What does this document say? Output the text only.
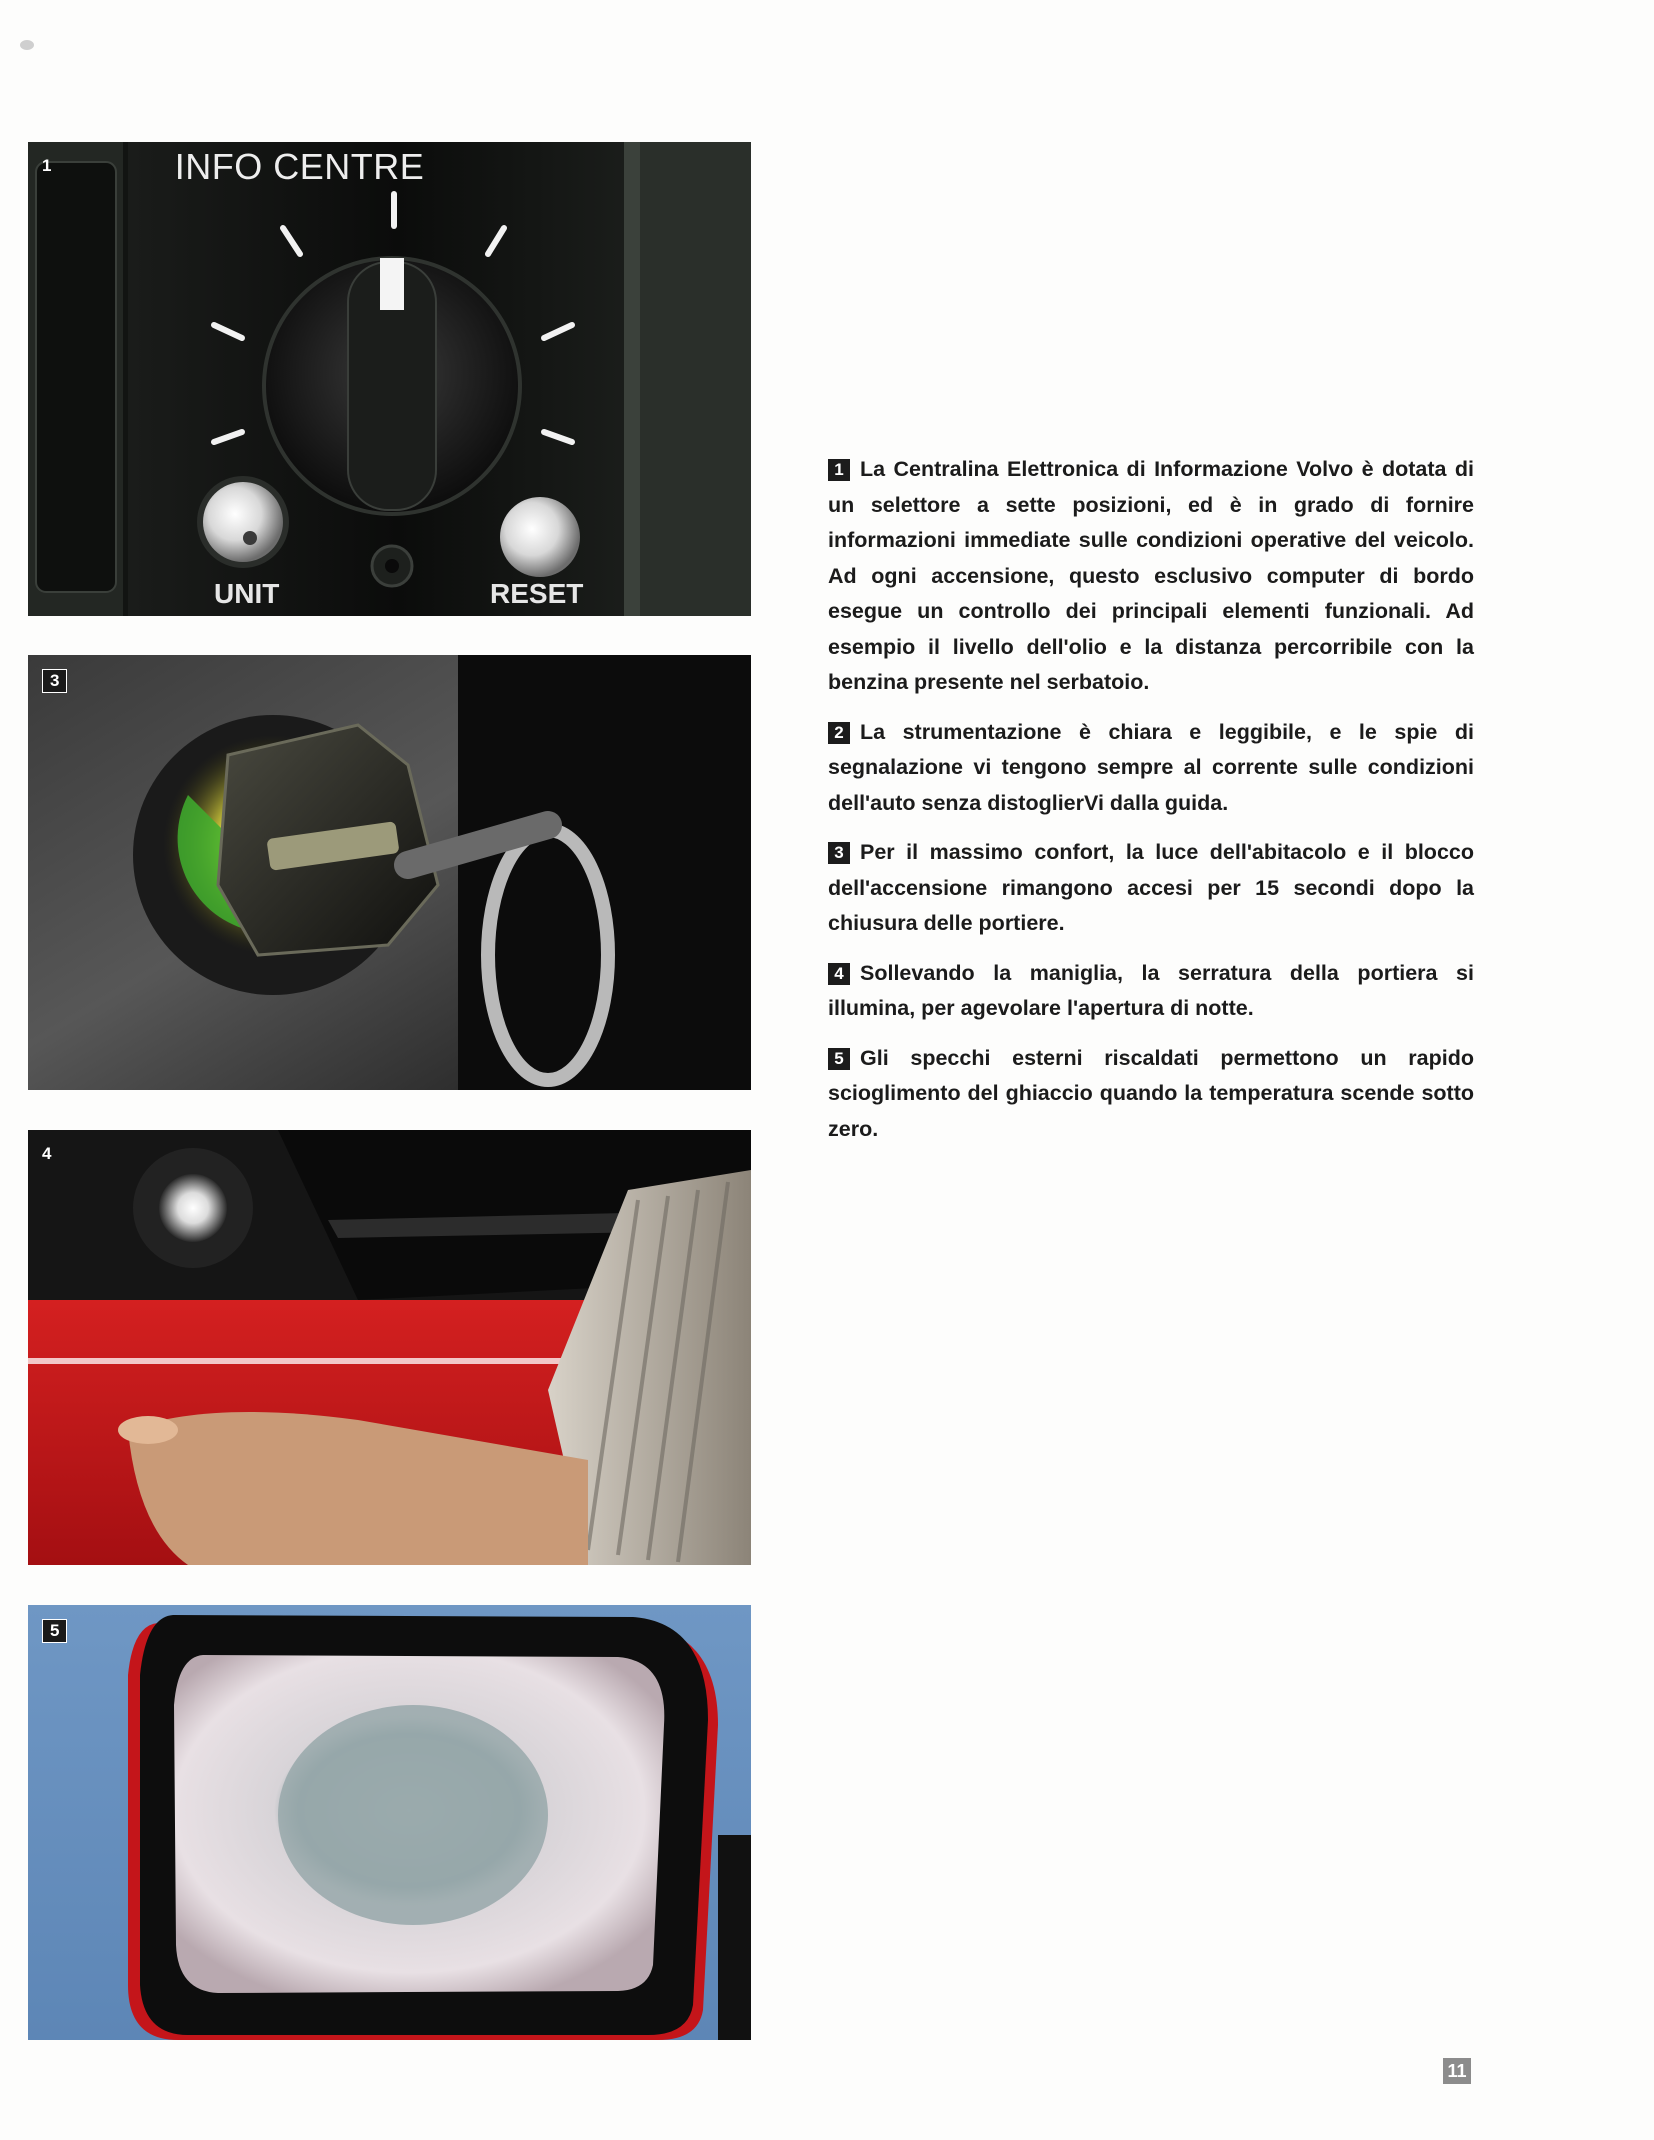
1	INFO CENTRE
UNIT	RESET
3
4
5

1 La Centralina Elettronica di Informazione Volvo è dotata di un selettore a sette posizioni, ed è in grado di fornire informazioni immediate sulle condizioni operative del veicolo. Ad ogni accensione, questo esclusivo computer di bordo esegue un controllo dei principali elementi funzionali. Ad esempio il livello dell'olio e la distanza percorribile con la benzina presente nel serbatoio.

2 La strumentazione è chiara e leggibile, e le spie di segnalazione vi tengono sempre al corrente sulle condizioni dell'auto senza distoglierVi dalla guida.

3 Per il massimo confort, la luce dell'abitacolo e il blocco dell'accensione rimangono accesi per 15 secondi dopo la chiusura delle portiere.

4 Sollevando la maniglia, la serratura della portiera si illumina, per agevolare l'apertura di notte.

5 Gli specchi esterni riscaldati permettono un rapido scioglimento del ghiaccio quando la temperatura scende sotto zero.

11
